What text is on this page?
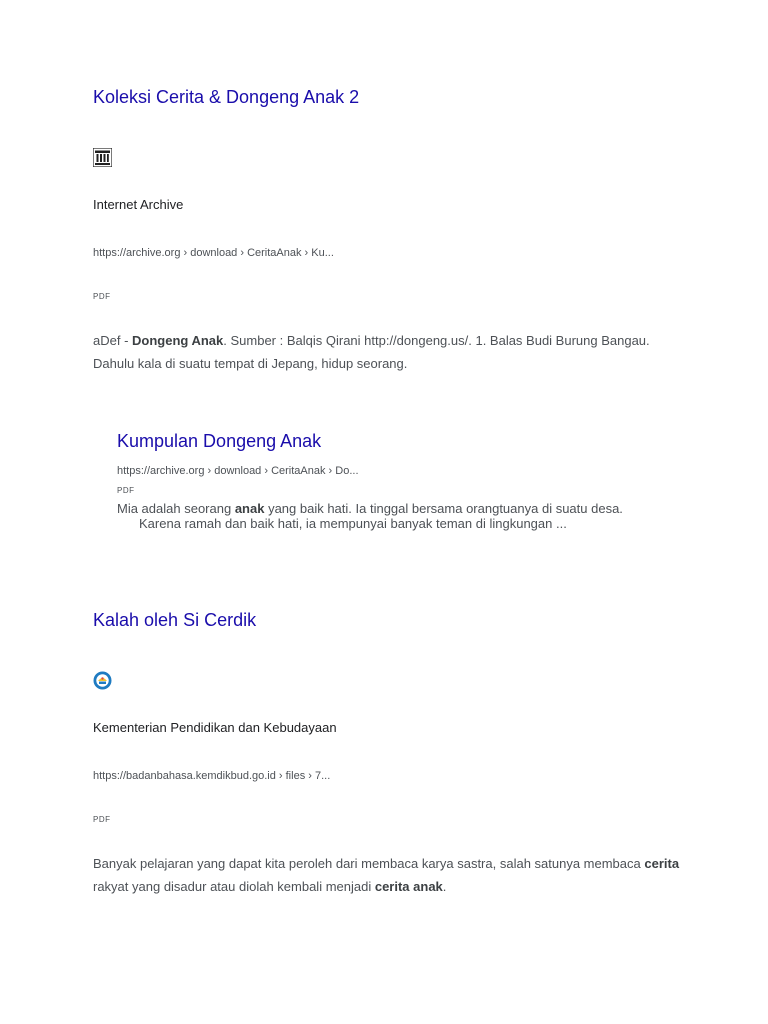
Koleksi Cerita & Dongeng Anak 2
Internet Archive
https://archive.org › download › CeritaAnak › Ku...
PDF
aDef - Dongeng Anak. Sumber : Balqis Qirani http://dongeng.us/. 1. Balas Budi Burung Bangau. Dahulu kala di suatu tempat di Jepang, hidup seorang.
Kumpulan Dongeng Anak
https://archive.org › download › CeritaAnak › Do...
PDF
Mia adalah seorang anak yang baik hati. Ia tinggal bersama orangtuanya di suatu desa.
Karena ramah dan baik hati, ia mempunyai banyak teman di lingkungan ...
Kalah oleh Si Cerdik
Kementerian Pendidikan dan Kebudayaan
https://badanbahasa.kemdikbud.go.id › files › 7...
PDF
Banyak pelajaran yang dapat kita peroleh dari membaca karya sastra, salah satunya membaca cerita rakyat yang disadur atau diolah kembali menjadi cerita anak.
